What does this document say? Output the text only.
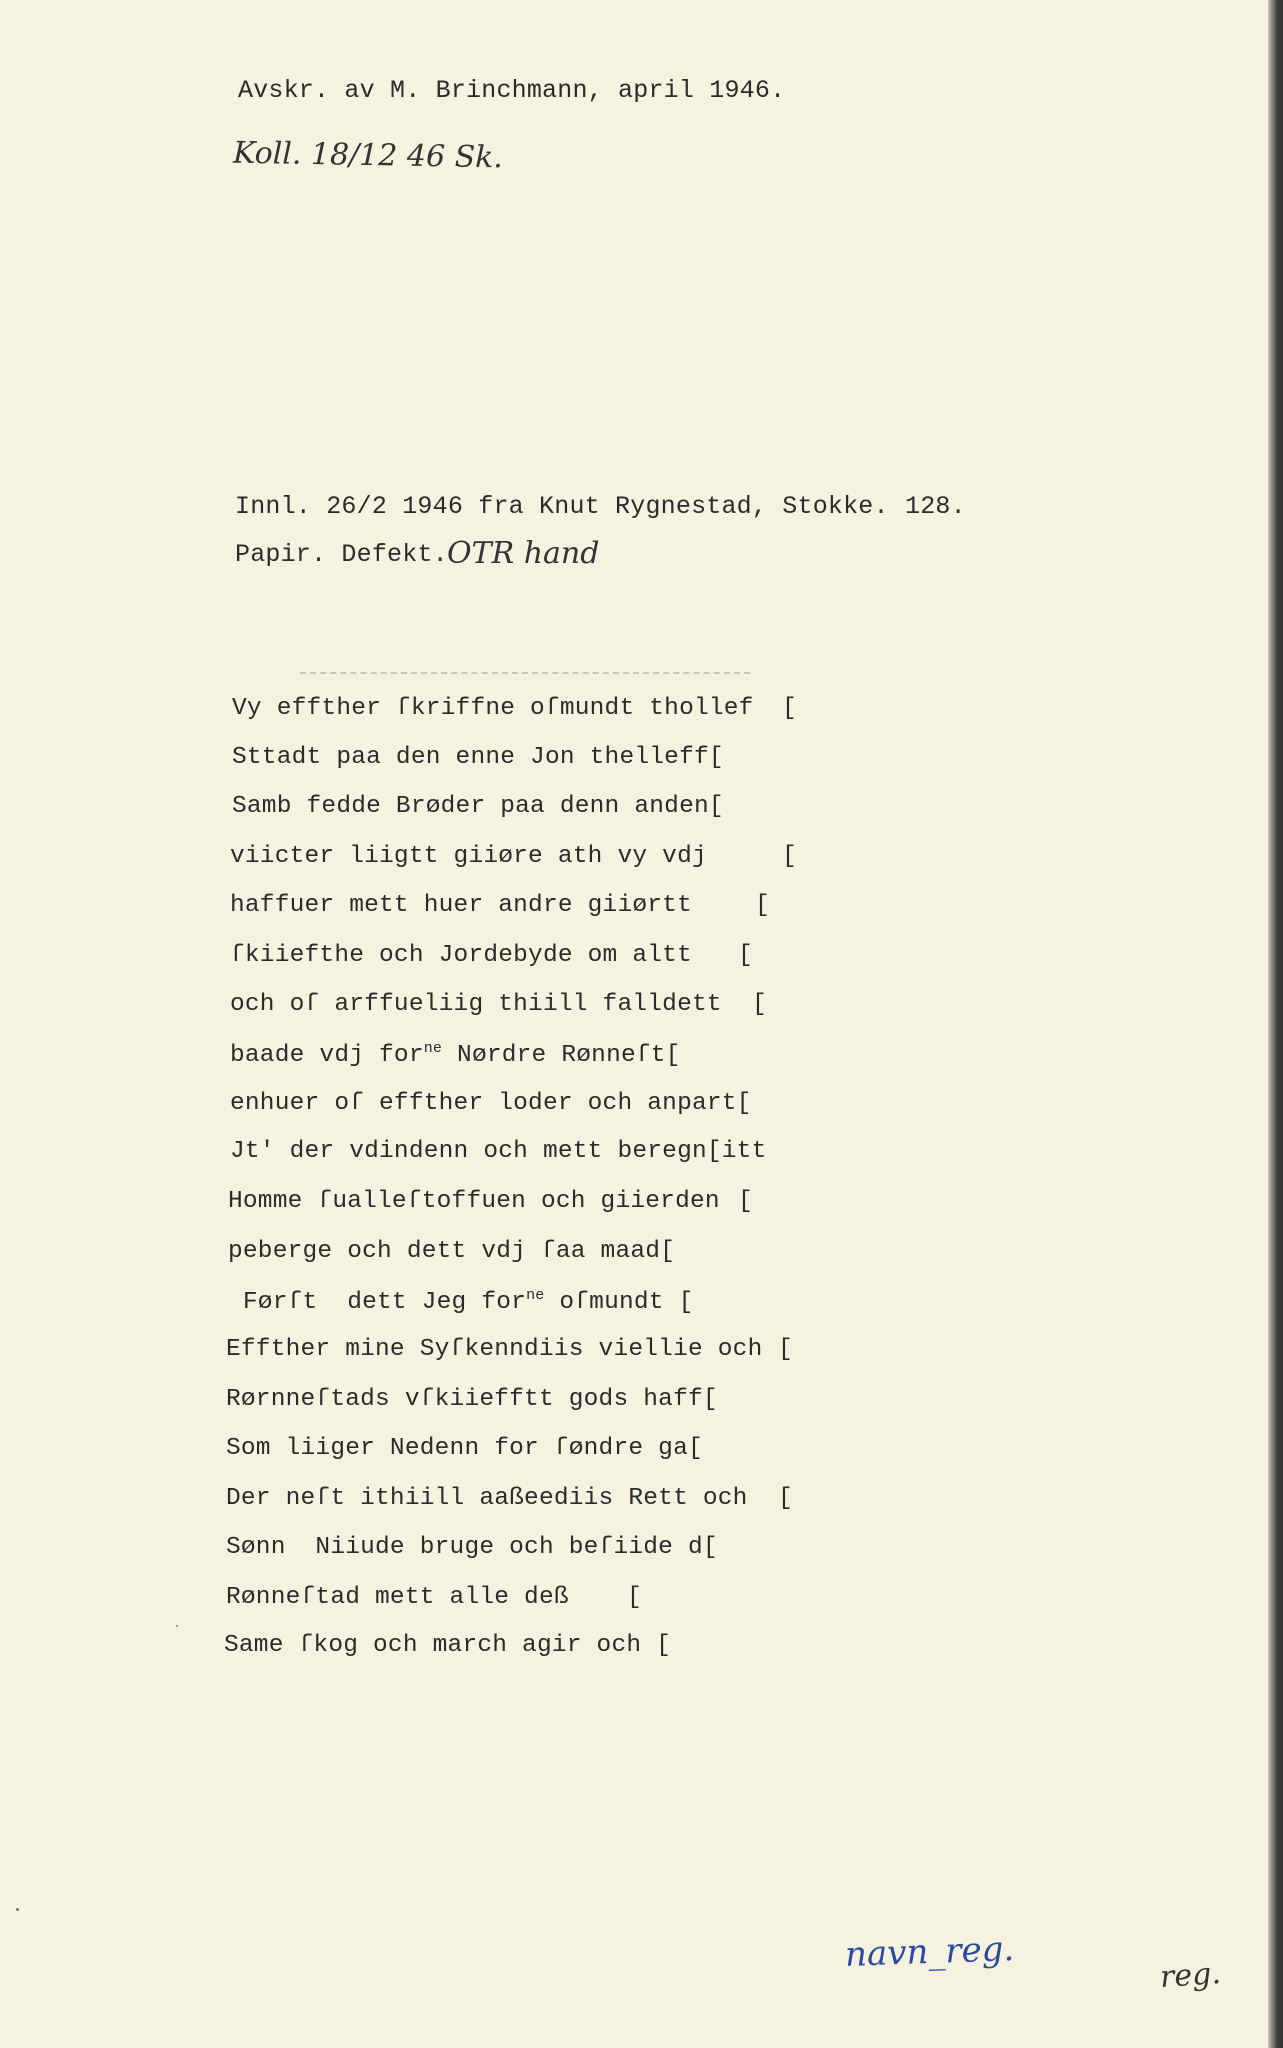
Avskr. av M. Brinchmann, april 1946.
Koll. 18/12 46 Sk.
Innl. 26/2 1946 fra Knut Rygnestad, Stokke. 128.
Papir. Defekt. OTR hand
Vy effther ſkriffne oſmundt thollef [
Sttadt paa den enne Jon thelleff[
Samb fedde Brøder paa denn anden[
viicter liigtt giiøre ath vy vdj	[
haffuer mett huer andre giiørtt	[
ſkiiefthe och Jordebyde om altt [
och oſ arffueliig thiill falldett [
baade vdj for$^{ne}$ Nørdre Rønneſt[
enhuer oſ effther loder och anpart[
Jt' der vdindenn och mett beregn[itt
Homme ſualleſtoffuen och giierden [
peberge och dett vdj ſaa maad[
Førſt  dett Jeg for$^{ne}$ oſmundt [
Effther mine Syſkenndiis viellie och [
Rørnneſtads vſkiiefftt gods haff[
Som liiger Nedenn for ſøndre ga[
Der neſt ithiill aaßeediis Rett och [
Sønn  Niiude bruge och beſiide d[
Rønneſtad mett alle deß [
Same ſkog och march agir och [
navn_reg.
reg.
